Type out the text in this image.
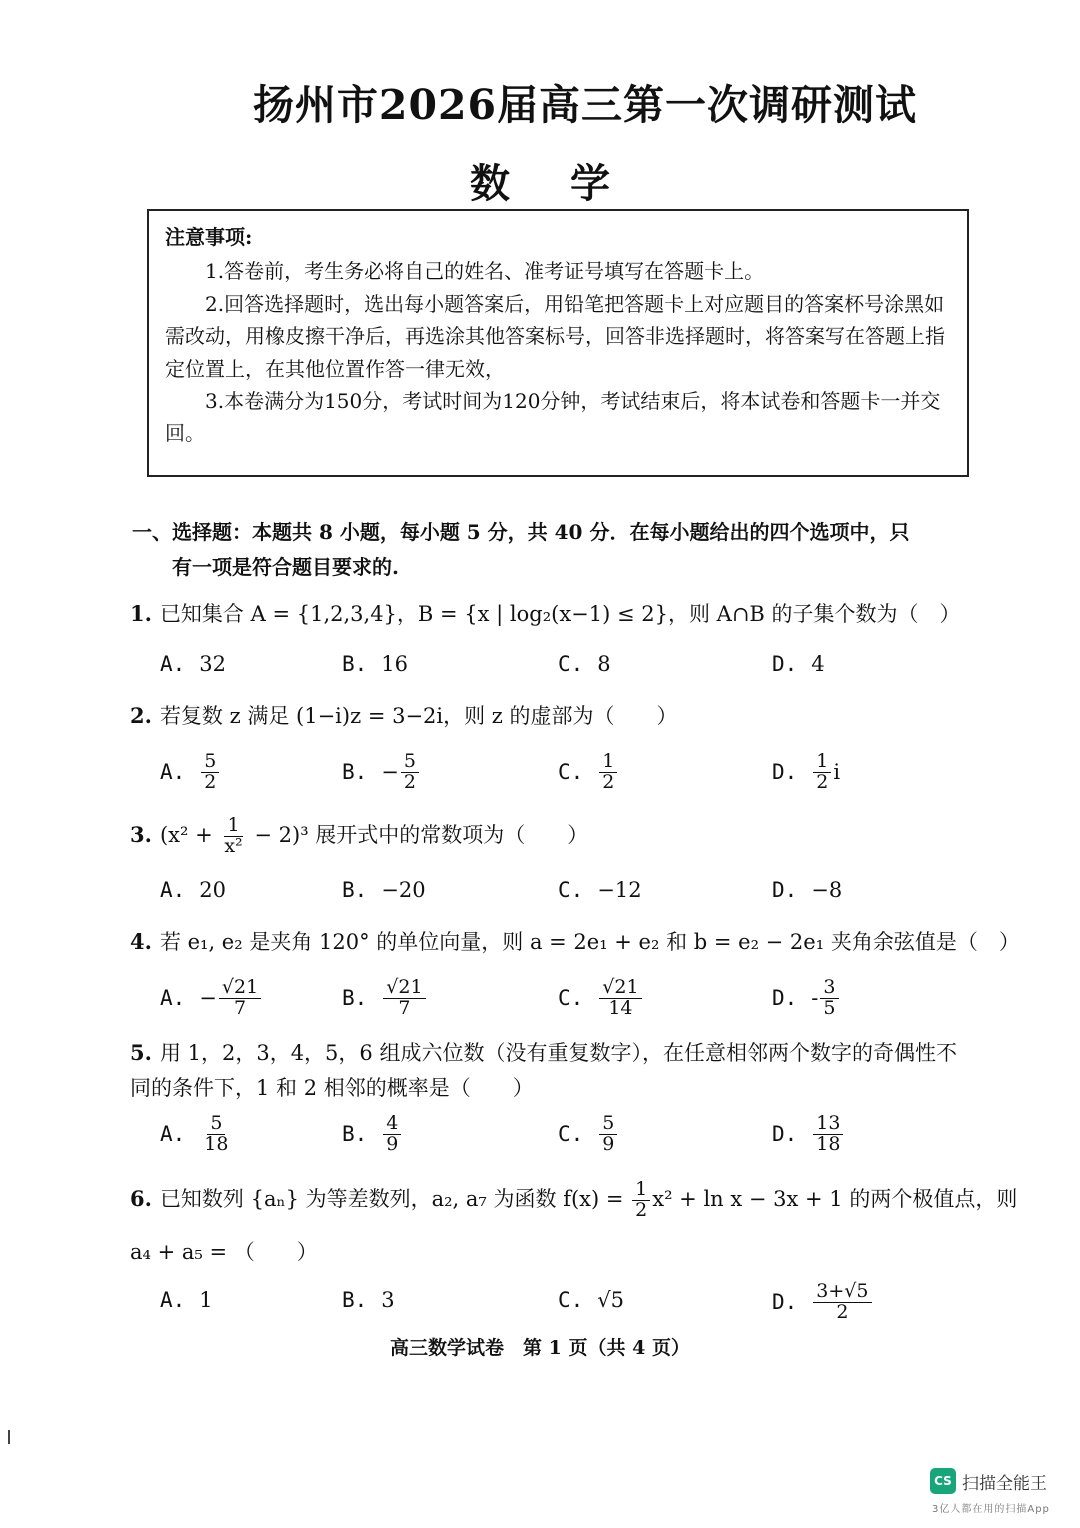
扬州市2026届高三第一次调研测试
数学
注意事项:

1.答卷前，考生务必将自己的姓名、准考证号填写在答题卡上。

2.回答选择题时，选出每小题答案后，用铅笔把答题卡上对应题目的答案杯号涂黑如需改动，用橡皮擦干净后，再选涂其他答案标号，回答非选择题时，将答案写在答题上指定位置上，在其他位置作答一律无效，

3.本卷满分为150分，考试时间为120分钟，考试结束后，将本试卷和答题卡一并交回。

一、选择题：本题共 8 小题，每小题 5 分，共 40 分．在每小题给出的四个选项中，只
有一项是符合题目要求的.
1. 已知集合 A = {1,2,3,4}，B = {x | log₂(x−1) ≤ 2}，则 A∩B 的子集个数为（　）
A. 32	B. 16	C. 8	D. 4
2. 若复数 z 满足 (1−i)z = 3−2i，则 z 的虚部为（　　）
A. $\frac{5}{2}$	B. − $\frac{5}{2}$	C. $\frac{1}{2}$	D. $\frac{1}{2}$ i
3. $(x^2 + \frac{1}{\text{x²}} - 2)^3$ 展开式中的常数项为（　　）
A. 20	B. −20	C. −12	D. −8
4. 若 e₁, e₂ 是夹角 120° 的单位向量，则 a = 2e₁ + e₂ 和 b = e₂ − 2e₁ 夹角余弦值是（　）
A. − $\frac{√21}{7}$	B. $\frac{√21}{7}$	C. $\frac{√21}{14}$	D. - $\frac{3}{5}$
5. 用 1，2，3，4，5，6 组成六位数（没有重复数字），在任意相邻两个数字的奇偶性不同的条件下，1 和 2 相邻的概率是（　　）
A. $\frac{5}{18}$	B. $\frac{4}{9}$	C. $\frac{5}{9}$	D. $\frac{13}{18}$
6. 已知数列 {aₙ} 为等差数列，a₂, a₇ 为函数 $f(x) = \frac{1}{2} x^2 + \ln x - 3x + 1$ 的两个极值点，则
a₄ + a₅ = （　　）
A. 1	B. 3	C. √5	D. $\frac{3+√5}{2}$
高三数学试卷　第 1 页（共 4 页）
CS 扫描全能王
3亿人都在用的扫描App
